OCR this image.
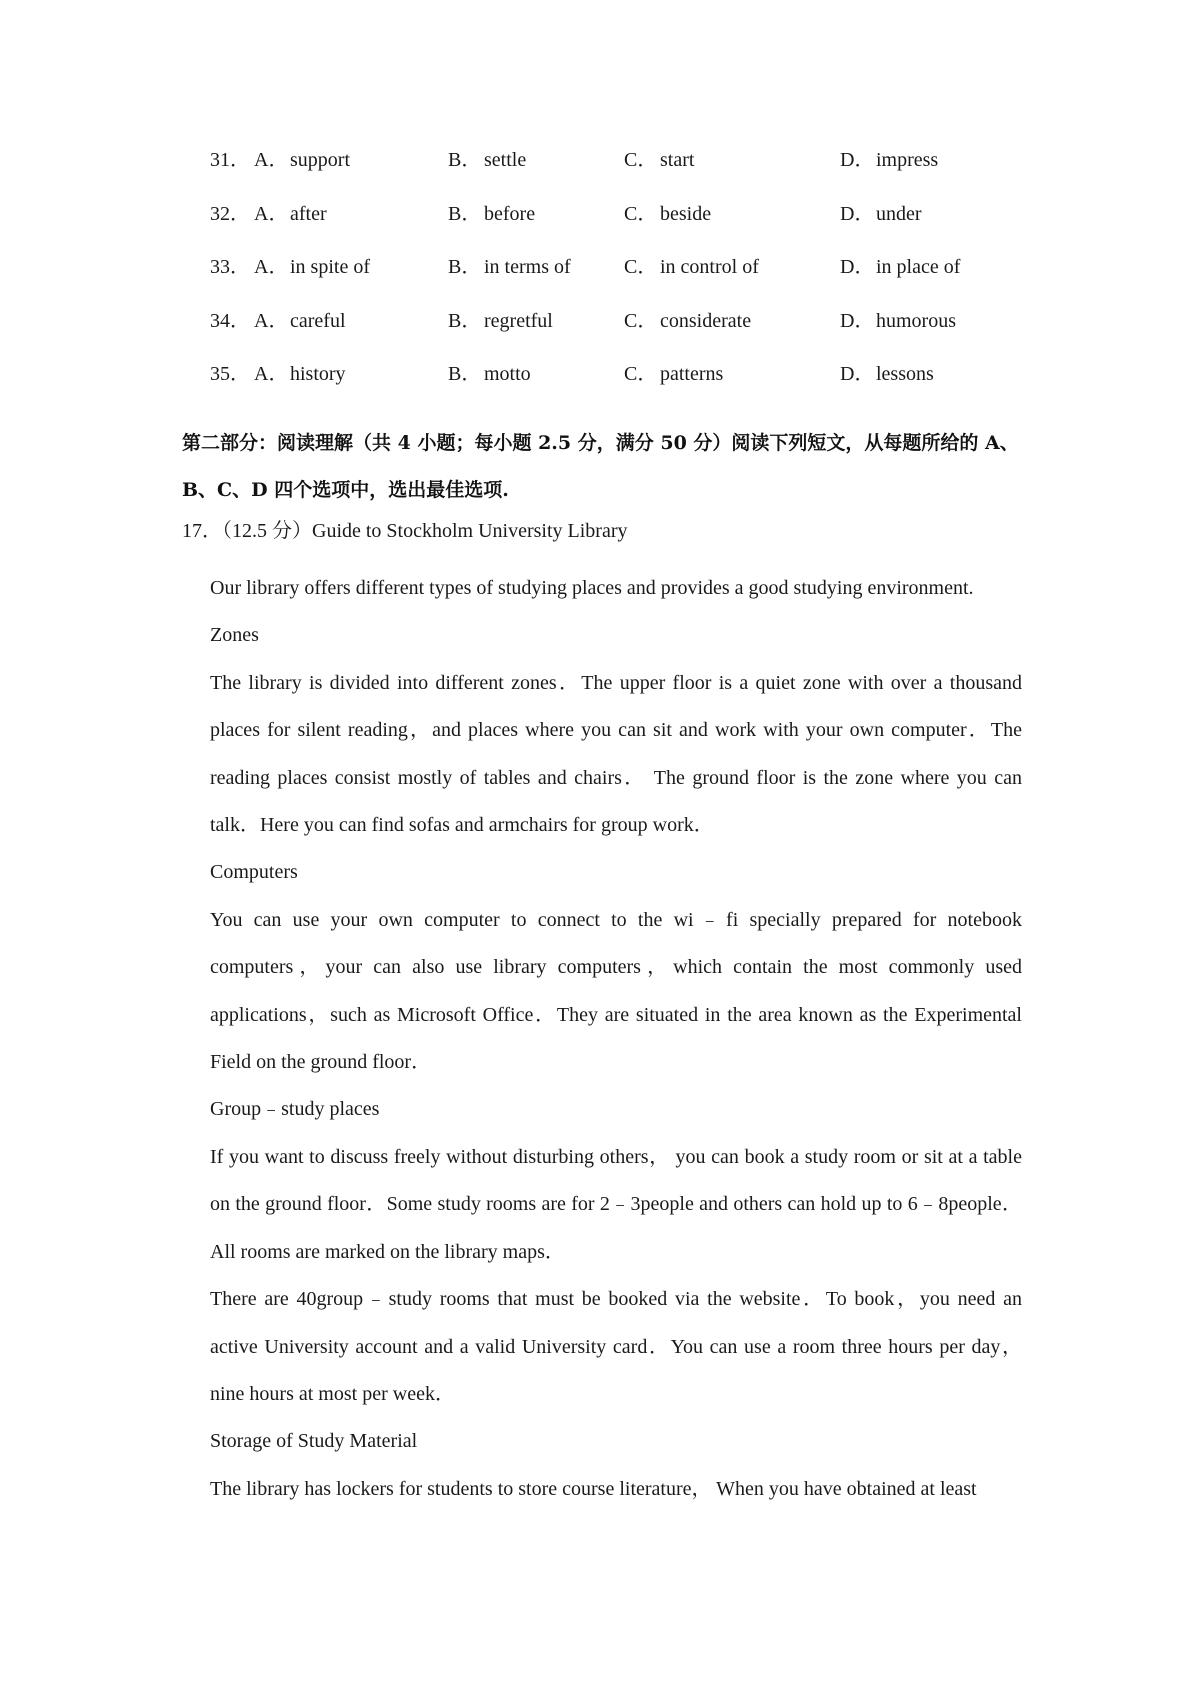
31． A．support	B． settle	C． start	D．impress
32． A．after	B． before	C． beside	D．under
33． A．in spite of	B． in terms of	C． in control of	D．in place of
34． A．careful	B． regretful	C． considerate	D．humorous
35． A．history	B． motto	C． patterns	D．lessons
第二部分：阅读理解（共 4 小题；每小题 2.5 分，满分 50 分）阅读下列短文，从每题所给的 A、B、C、D 四个选项中，选出最佳选项.
17．（12.5 分）Guide to Stockholm University Library

Our library offers different types of studying places and provides a good studying environment.

Zones

The library is divided into different zones．The upper floor is a quiet zone with over a thousand places for silent reading，and places where you can sit and work with your own computer．The reading places consist mostly of tables and chairs． The ground floor is the zone where you can talk．Here you can find sofas and armchairs for group work．

Computers

You can use your own computer to connect to the wi﹣fi specially prepared for notebook computers，your can also use library computers，which contain the most commonly used applications，such as Microsoft Office．They are situated in the area known as the Experimental Field on the ground floor．

Group﹣study places

If you want to discuss freely without disturbing others， you can book a study room or sit at a table on the ground floor．Some study rooms are for 2﹣3people and others can hold up to 6﹣8people．All rooms are marked on the library maps．

There are 40group﹣study rooms that must be booked via the website．To book，you need an active University account and a valid University card．You can use a room three hours per day，nine hours at most per week．

Storage of Study Material

The library has lockers for students to store course literature， When you have obtained at least
